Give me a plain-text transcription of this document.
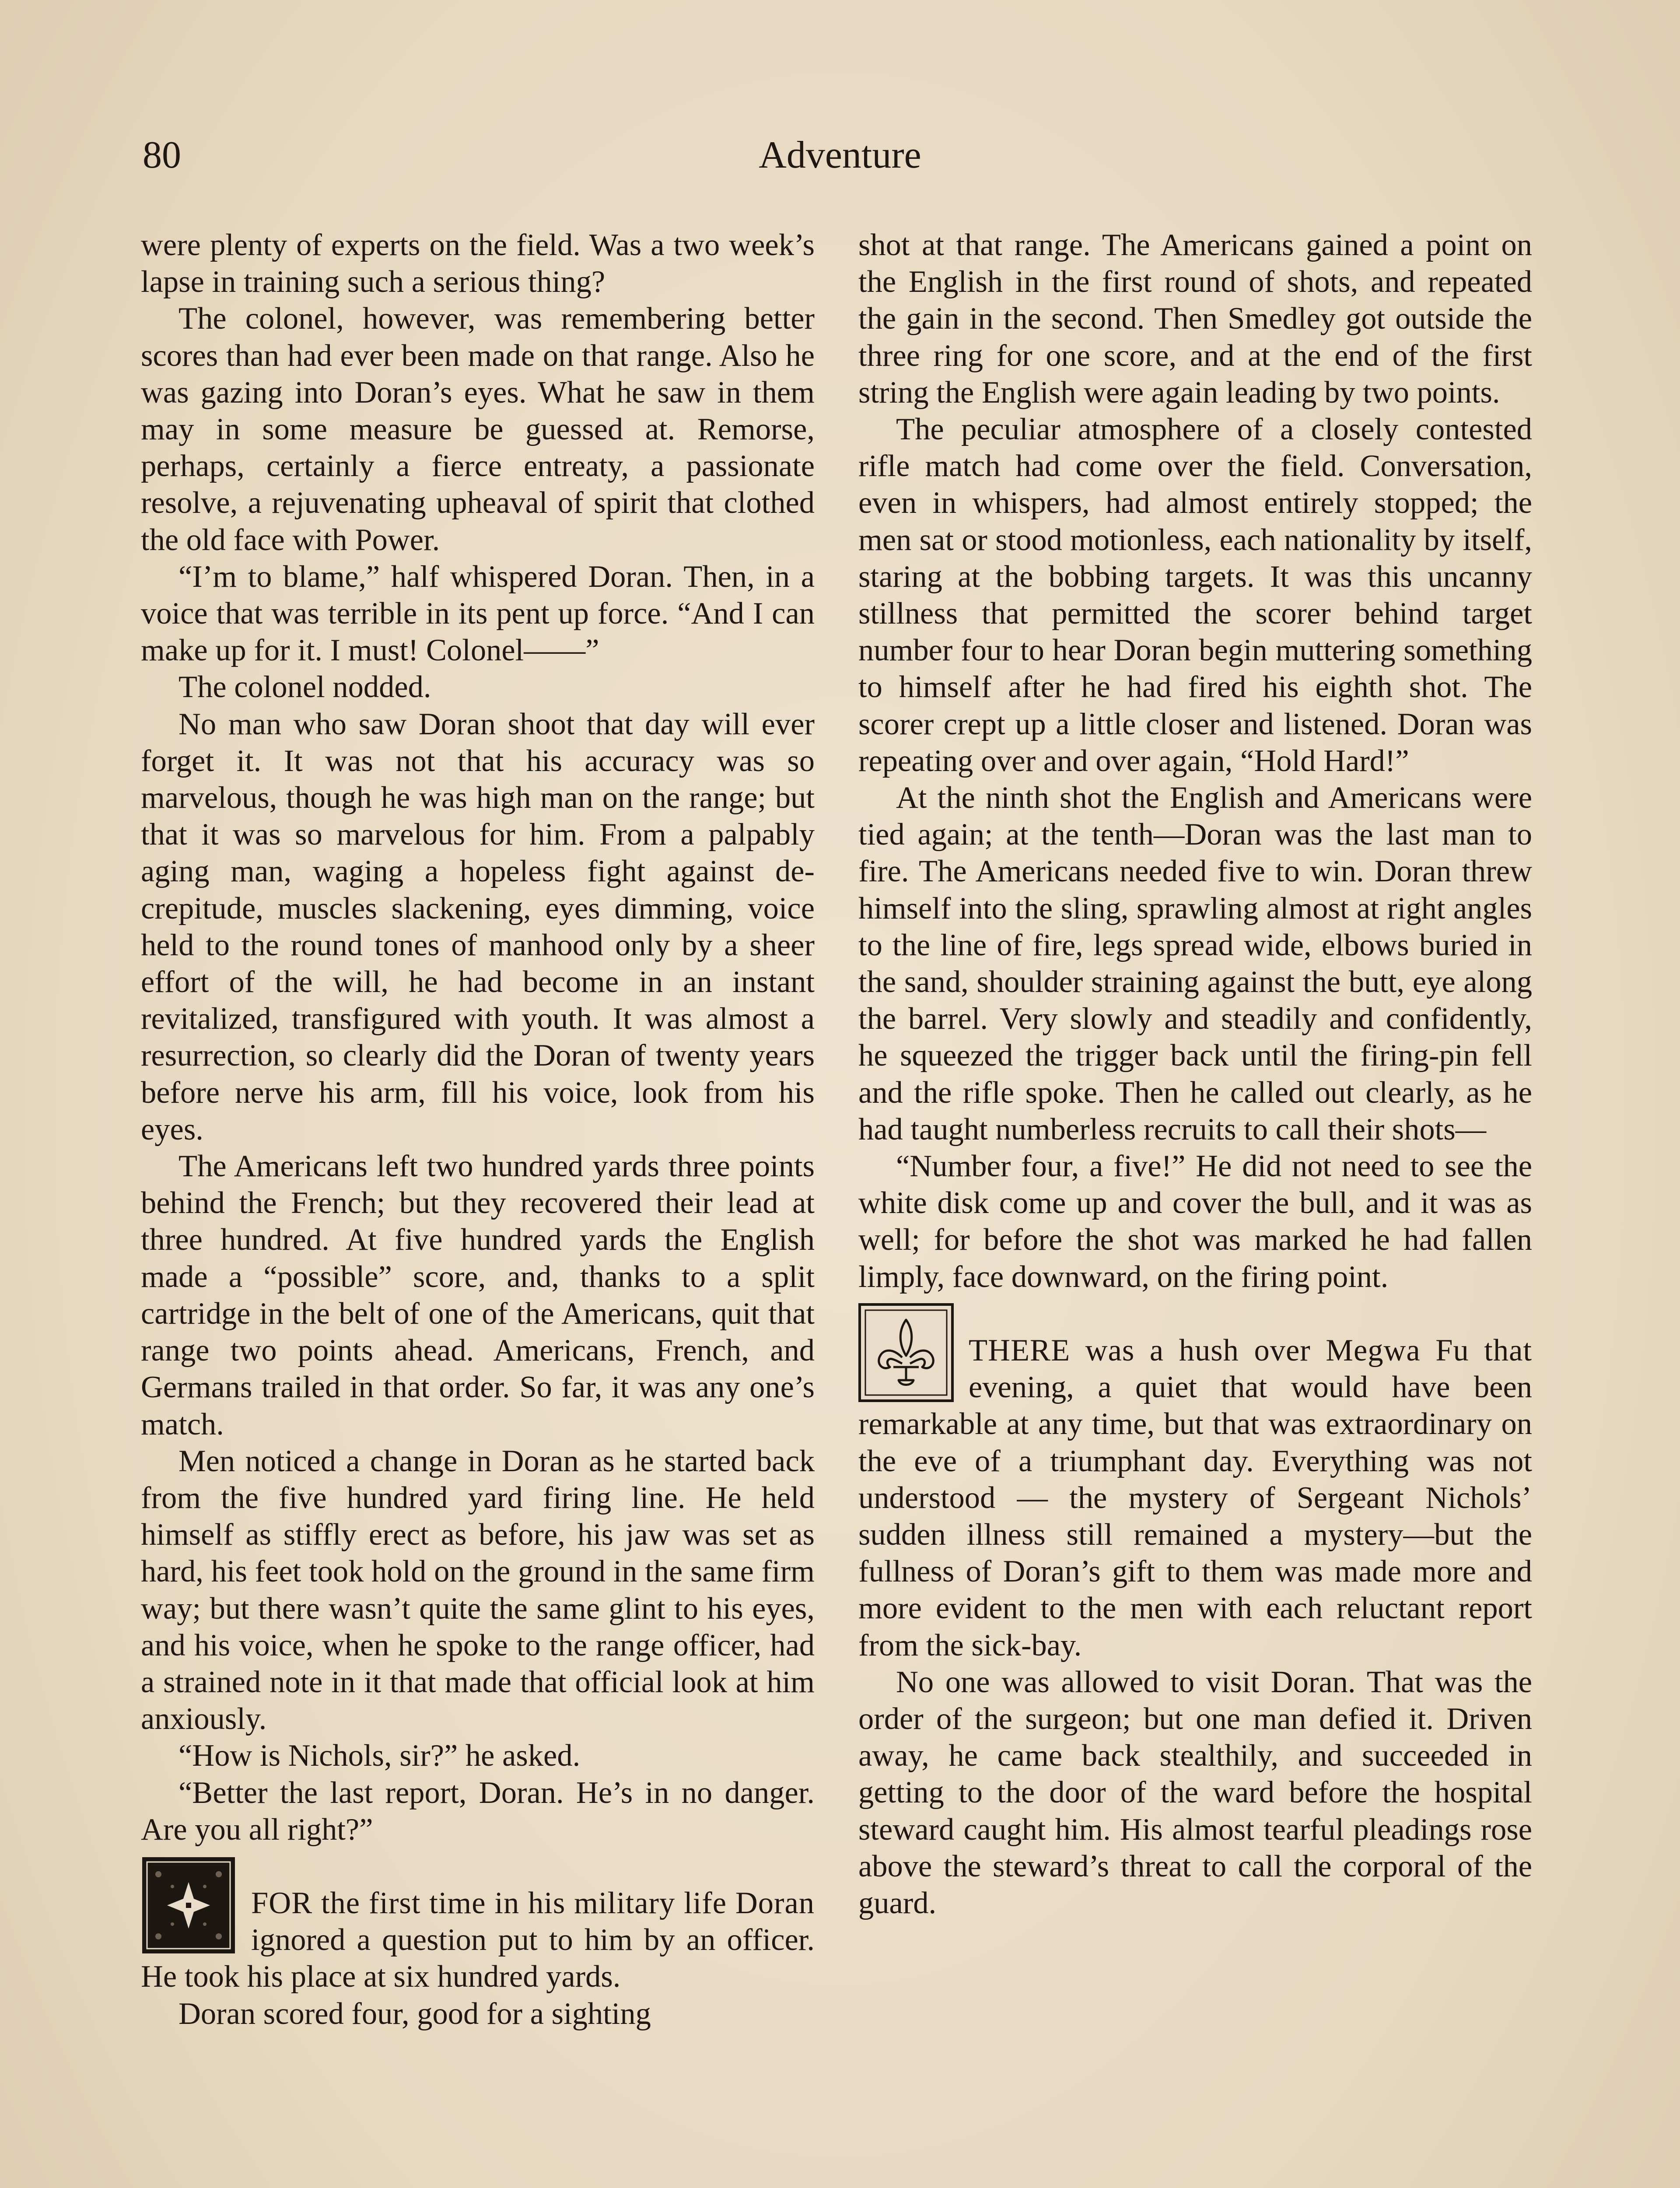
80	Adventure

were plenty of experts on the field. Was a two week’s lapse in training such a serious thing?

The colonel, however, was remembering better scores than had ever been made on that range. Also he was gazing into Doran’s eyes. What he saw in them may in some measure be guessed at. Remorse, perhaps, certainly a fierce entreaty, a passionate resolve, a rejuvenating upheaval of spirit that clothed the old face with Power.

“I’m to blame,” half whispered Doran. Then, in a voice that was terrible in its pent up force. “And I can make up for it. I must! Colonel——”

The colonel nodded.

No man who saw Doran shoot that day will ever forget it. It was not that his accuracy was so marvelous, though he was high man on the range; but that it was so marvelous for him. From a palpably aging man, waging a hopeless fight against decrepitude, muscles slackening, eyes dimming, voice held to the round tones of manhood only by a sheer effort of the will, he had become in an instant revitalized, transfigured with youth. It was almost a resurrection, so clearly did the Doran of twenty years before nerve his arm, fill his voice, look from his eyes.

The Americans left two hundred yards three points behind the French; but they recovered their lead at three hundred. At five hundred yards the English made a “possible” score, and, thanks to a split cartridge in the belt of one of the Americans, quit that range two points ahead. Americans, French, and Germans trailed in that order. So far, it was any one’s match.

Men noticed a change in Doran as he started back from the five hundred yard firing line. He held himself as stiffly erect as before, his jaw was set as hard, his feet took hold on the ground in the same firm way; but there wasn’t quite the same glint to his eyes, and his voice, when he spoke to the range officer, had a strained note in it that made that official look at him anxiously.

“How is Nichols, sir?” he asked.

“Better the last report, Doran. He’s in no danger. Are you all right?”

FOR the first time in his military life Doran ignored a question put to him by an officer. He took his place at six hundred yards.

Doran scored four, good for a sighting

shot at that range. The Americans gained a point on the English in the first round of shots, and repeated the gain in the second. Then Smedley got outside the three ring for one score, and at the end of the first string the English were again leading by two points.

The peculiar atmosphere of a closely contested rifle match had come over the field. Conversation, even in whispers, had almost entirely stopped; the men sat or stood motionless, each nationality by itself, staring at the bobbing targets. It was this uncanny stillness that permitted the scorer behind target number four to hear Doran begin muttering something to himself after he had fired his eighth shot. The scorer crept up a little closer and listened. Doran was repeating over and over again, “Hold Hard!”

At the ninth shot the English and Americans were tied again; at the tenth—Doran was the last man to fire. The Americans needed five to win. Doran threw himself into the sling, sprawling almost at right angles to the line of fire, legs spread wide, elbows buried in the sand, shoulder straining against the butt, eye along the barrel. Very slowly and steadily and confidently, he squeezed the trigger back until the firing-pin fell and the rifle spoke. Then he called out clearly, as he had taught numberless recruits to call their shots—

“Number four, a five!” He did not need to see the white disk come up and cover the bull, and it was as well; for before the shot was marked he had fallen limply, face downward, on the firing point.

THERE was a hush over Megwa Fu that evening, a quiet that would have been remarkable at any time, but that was extraordinary on the eve of a triumphant day. Everything was not understood — the mystery of Sergeant Nichols’ sudden illness still remained a mystery—but the fullness of Doran’s gift to them was made more and more evident to the men with each reluctant report from the sick-bay.

No one was allowed to visit Doran. That was the order of the surgeon; but one man defied it. Driven away, he came back stealthily, and succeeded in getting to the door of the ward before the hospital steward caught him. His almost tearful pleadings rose above the steward’s threat to call the corporal of the guard.
